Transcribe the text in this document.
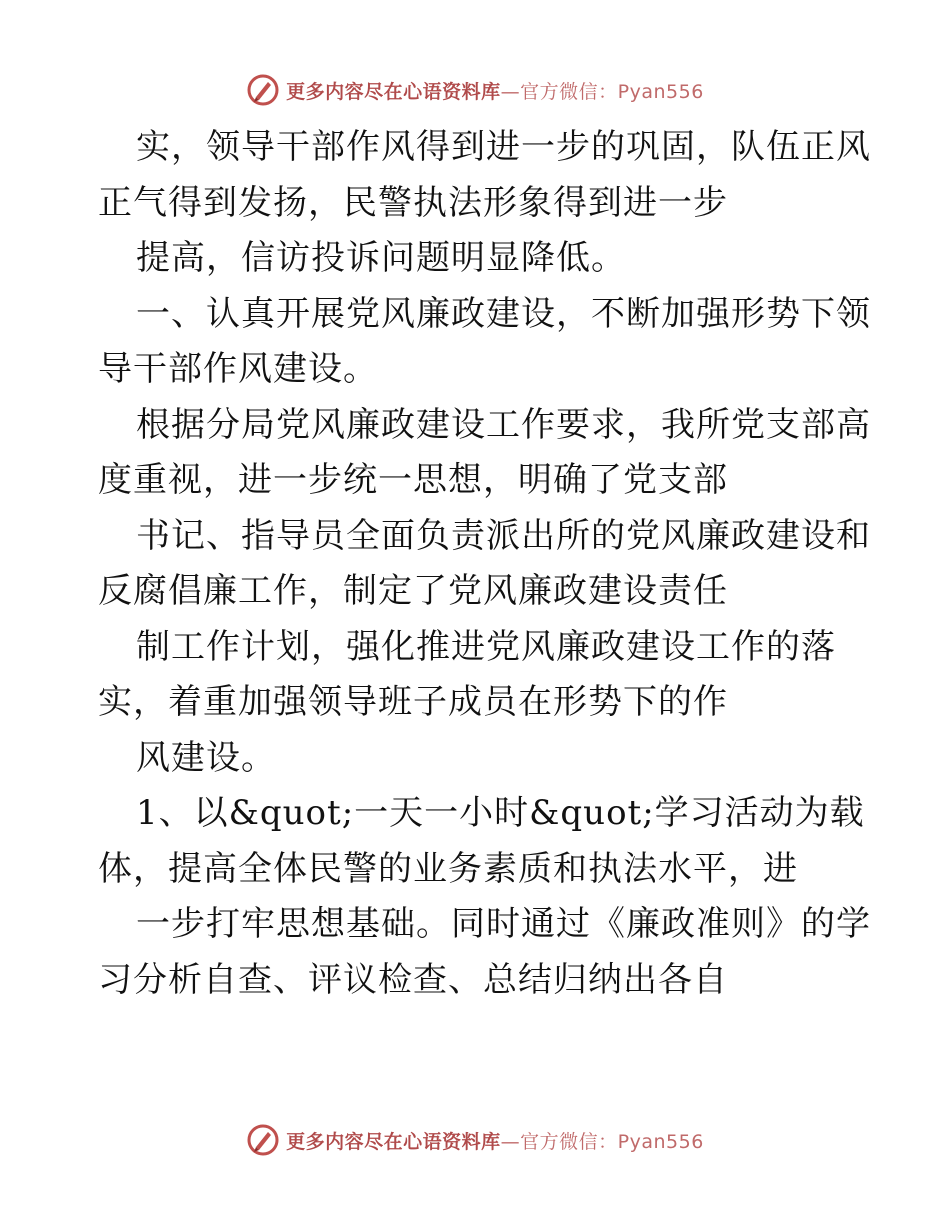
更多内容尽在心语资料库—官方微信：Pyan556
实，领导干部作风得到进一步的巩固，队伍正风
正气得到发扬，民警执法形象得到进一步
提高，信访投诉问题明显降低。
一、认真开展党风廉政建设，不断加强形势下领
导干部作风建设。
根据分局党风廉政建设工作要求，我所党支部高
度重视，进一步统一思想，明确了党支部
书记、指导员全面负责派出所的党风廉政建设和
反腐倡廉工作，制定了党风廉政建设责任
制工作计划，强化推进党风廉政建设工作的落
实，着重加强领导班子成员在形势下的作
风建设。
1、以&quot;一天一小时&quot;学习活动为载
体，提高全体民警的业务素质和执法水平，进
一步打牢思想基础。同时通过《廉政准则》的学
习分析自查、评议检查、总结归纳出各自
更多内容尽在心语资料库—官方微信：Pyan556
